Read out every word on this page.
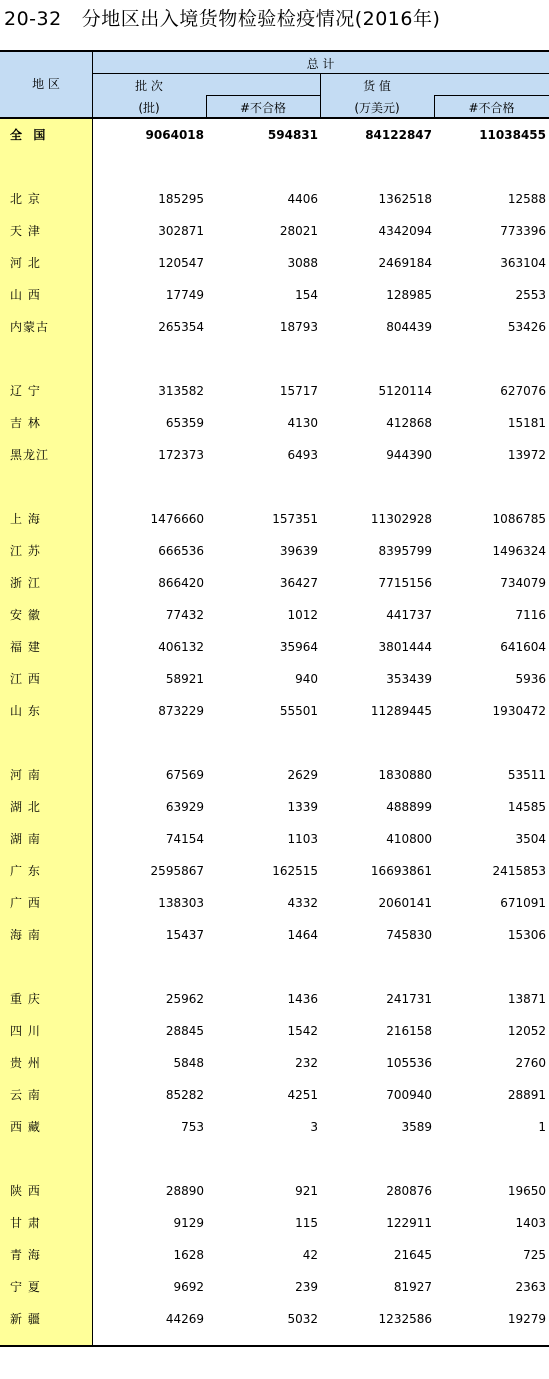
20-32 分地区出入境货物检验检疫情况(2016年)
地 区
总 计
批 次
(批)	#不合格
货 值
(万美元)	#不合格
全  国	9064018	594831	84122847	11038455
北 京	185295	4406	1362518	12588
天 津	302871	28021	4342094	773396
河 北	120547	3088	2469184	363104
山 西	17749	154	128985	2553
内蒙古	265354	18793	804439	53426
辽 宁	313582	15717	5120114	627076
吉 林	65359	4130	412868	15181
黑龙江	172373	6493	944390	13972
上 海	1476660	157351	11302928	1086785
江 苏	666536	39639	8395799	1496324
浙 江	866420	36427	7715156	734079
安 徽	77432	1012	441737	7116
福 建	406132	35964	3801444	641604
江 西	58921	940	353439	5936
山 东	873229	55501	11289445	1930472
河 南	67569	2629	1830880	53511
湖 北	63929	1339	488899	14585
湖 南	74154	1103	410800	3504
广 东	2595867	162515	16693861	2415853
广 西	138303	4332	2060141	671091
海 南	15437	1464	745830	15306
重 庆	25962	1436	241731	13871
四 川	28845	1542	216158	12052
贵 州	5848	232	105536	2760
云 南	85282	4251	700940	28891
西 藏	753	3	3589	1
陕 西	28890	921	280876	19650
甘 肃	9129	115	122911	1403
青 海	1628	42	21645	725
宁 夏	9692	239	81927	2363
新 疆	44269	5032	1232586	19279
